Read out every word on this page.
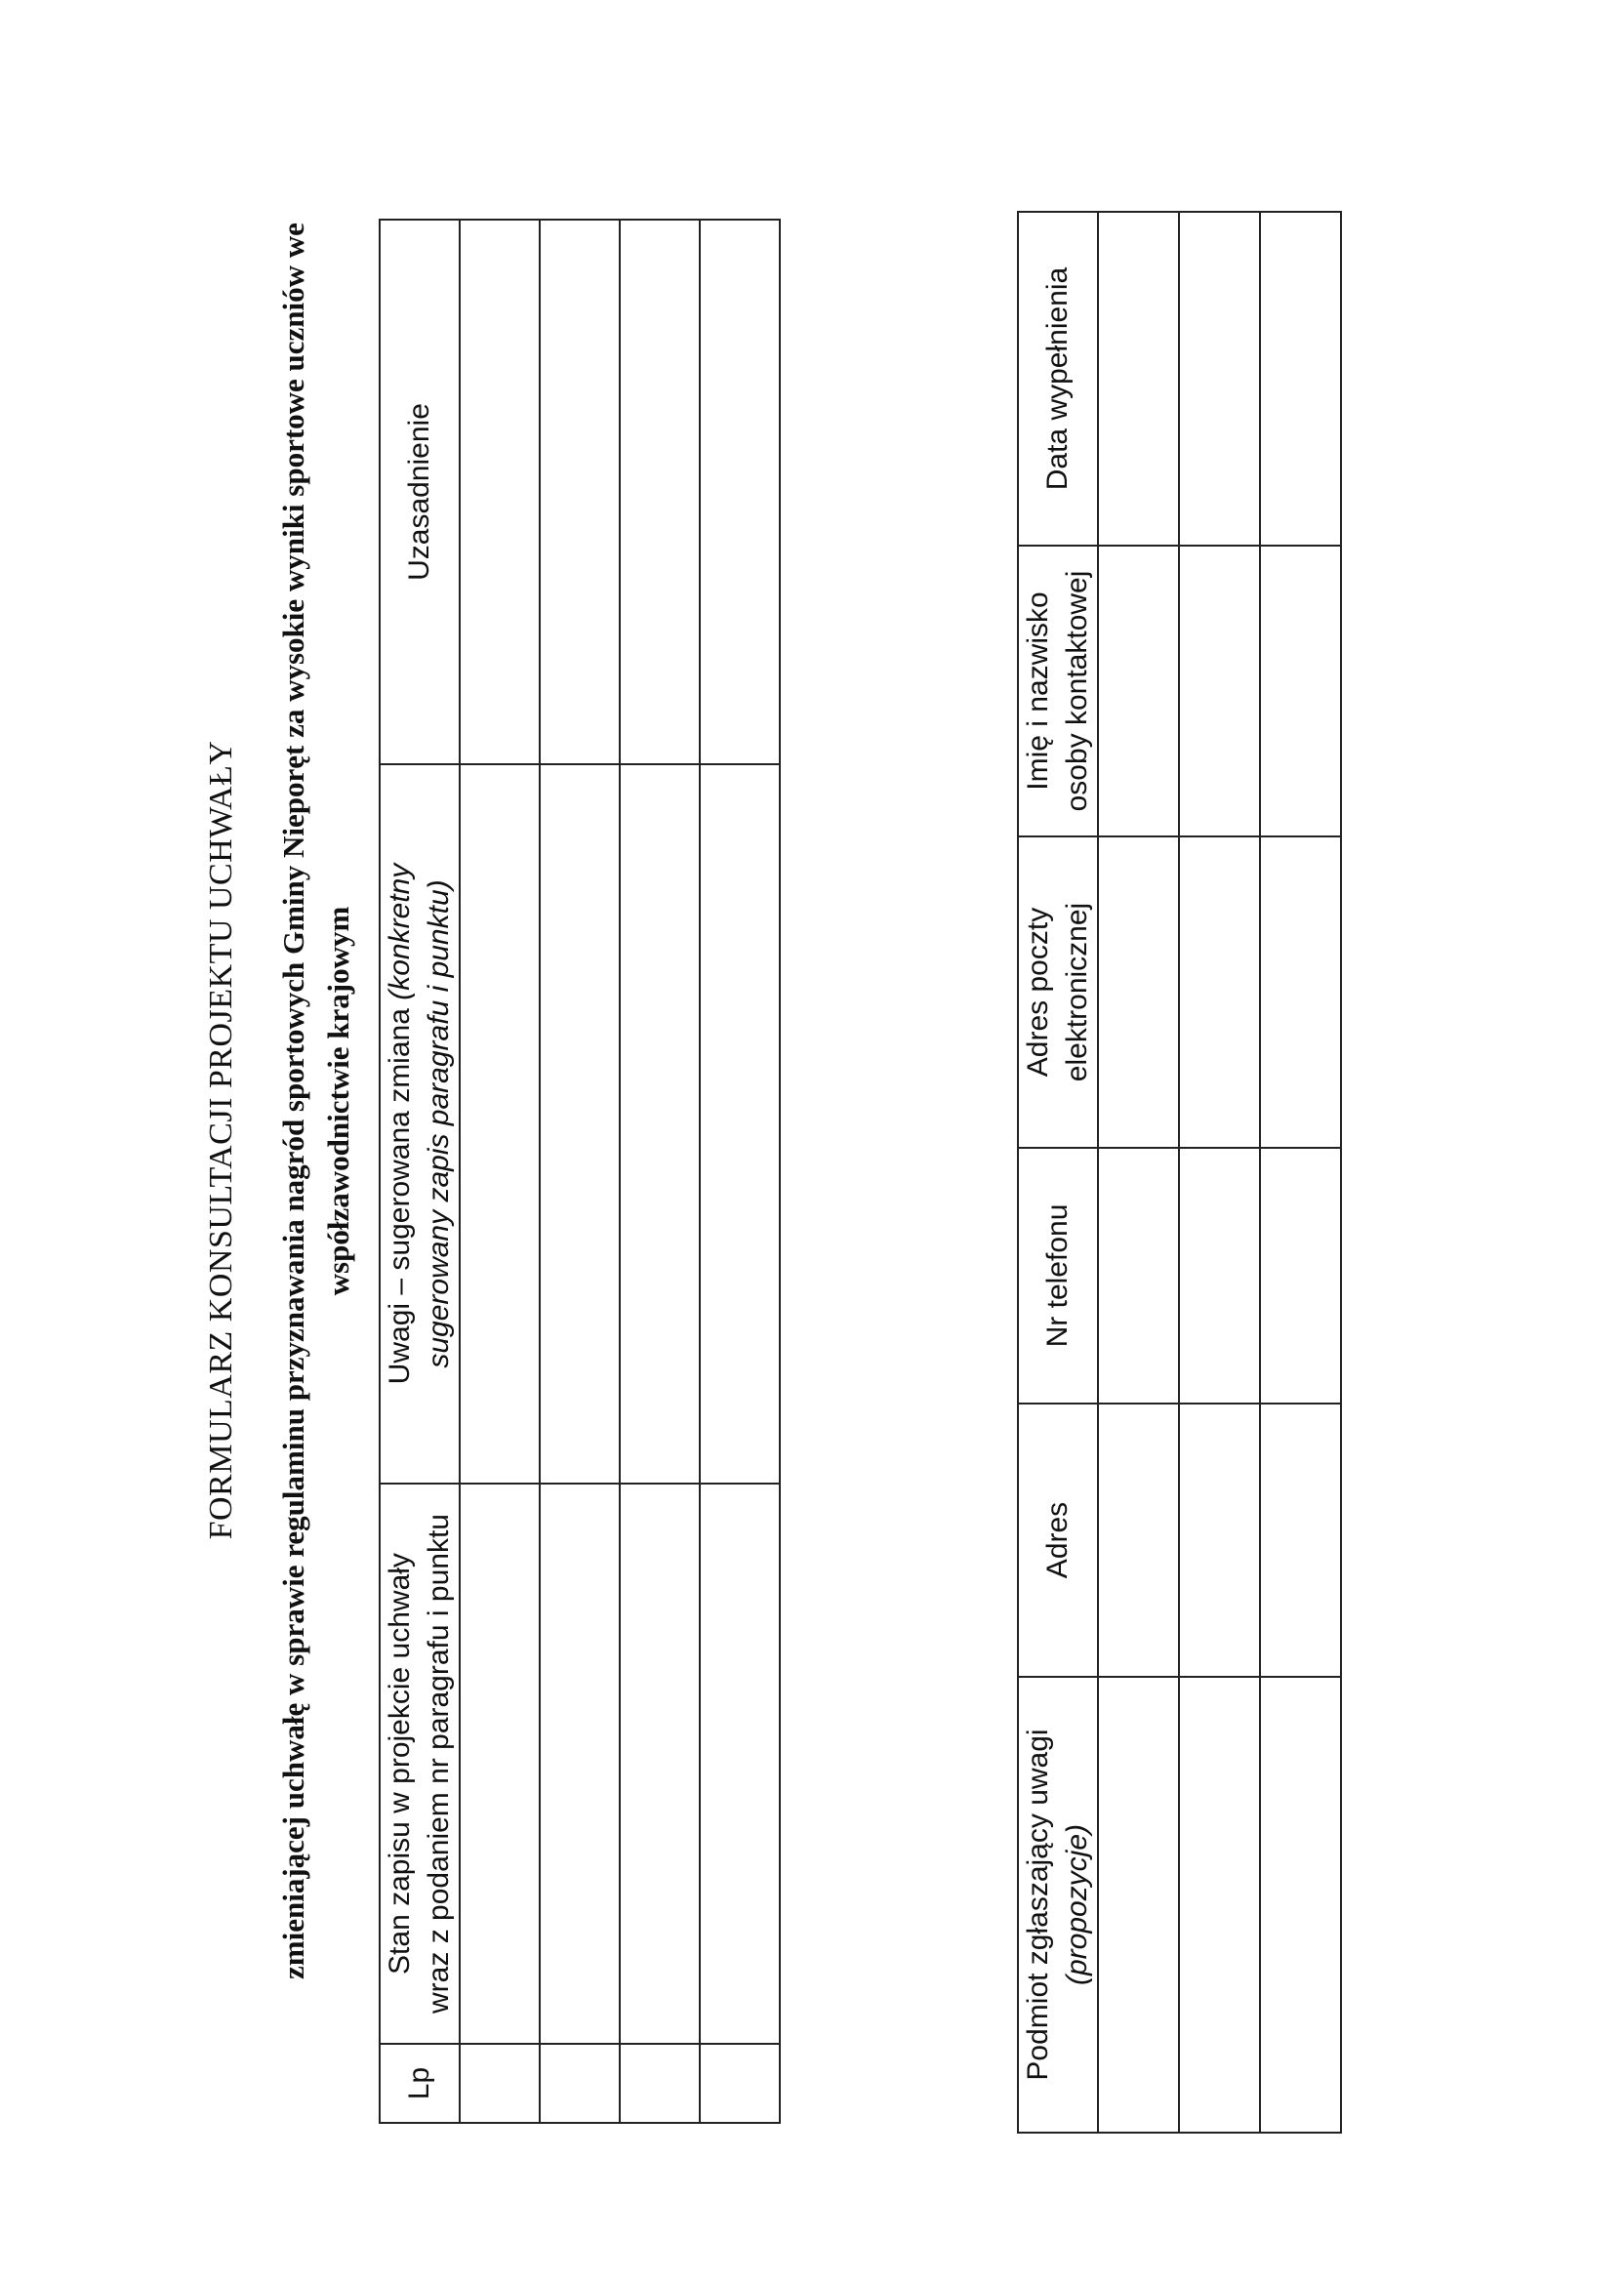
FORMULARZ KONSULTACJI PROJEKTU UCHWAŁY zmieniającej uchwałę w sprawie regulaminu przyznawania nagród sportowych Gminy Nieporęt za wysokie wyniki sportowe uczniów we współzawodnictwie krajowym
Lp	Stan zapisu w projekcie uchwały wraz z podaniem nr paragrafu i punktu	Uwagi – sugerowana zmiana (konkretny sugerowany zapis paragrafu i punktu)	Uzasadnienie

Podmiot zgłaszający uwagi (propozycje)	Adres	Nr telefonu	Adres poczty elektronicznej	Imię i nazwisko osoby kontaktowej	Data wypełnienia
